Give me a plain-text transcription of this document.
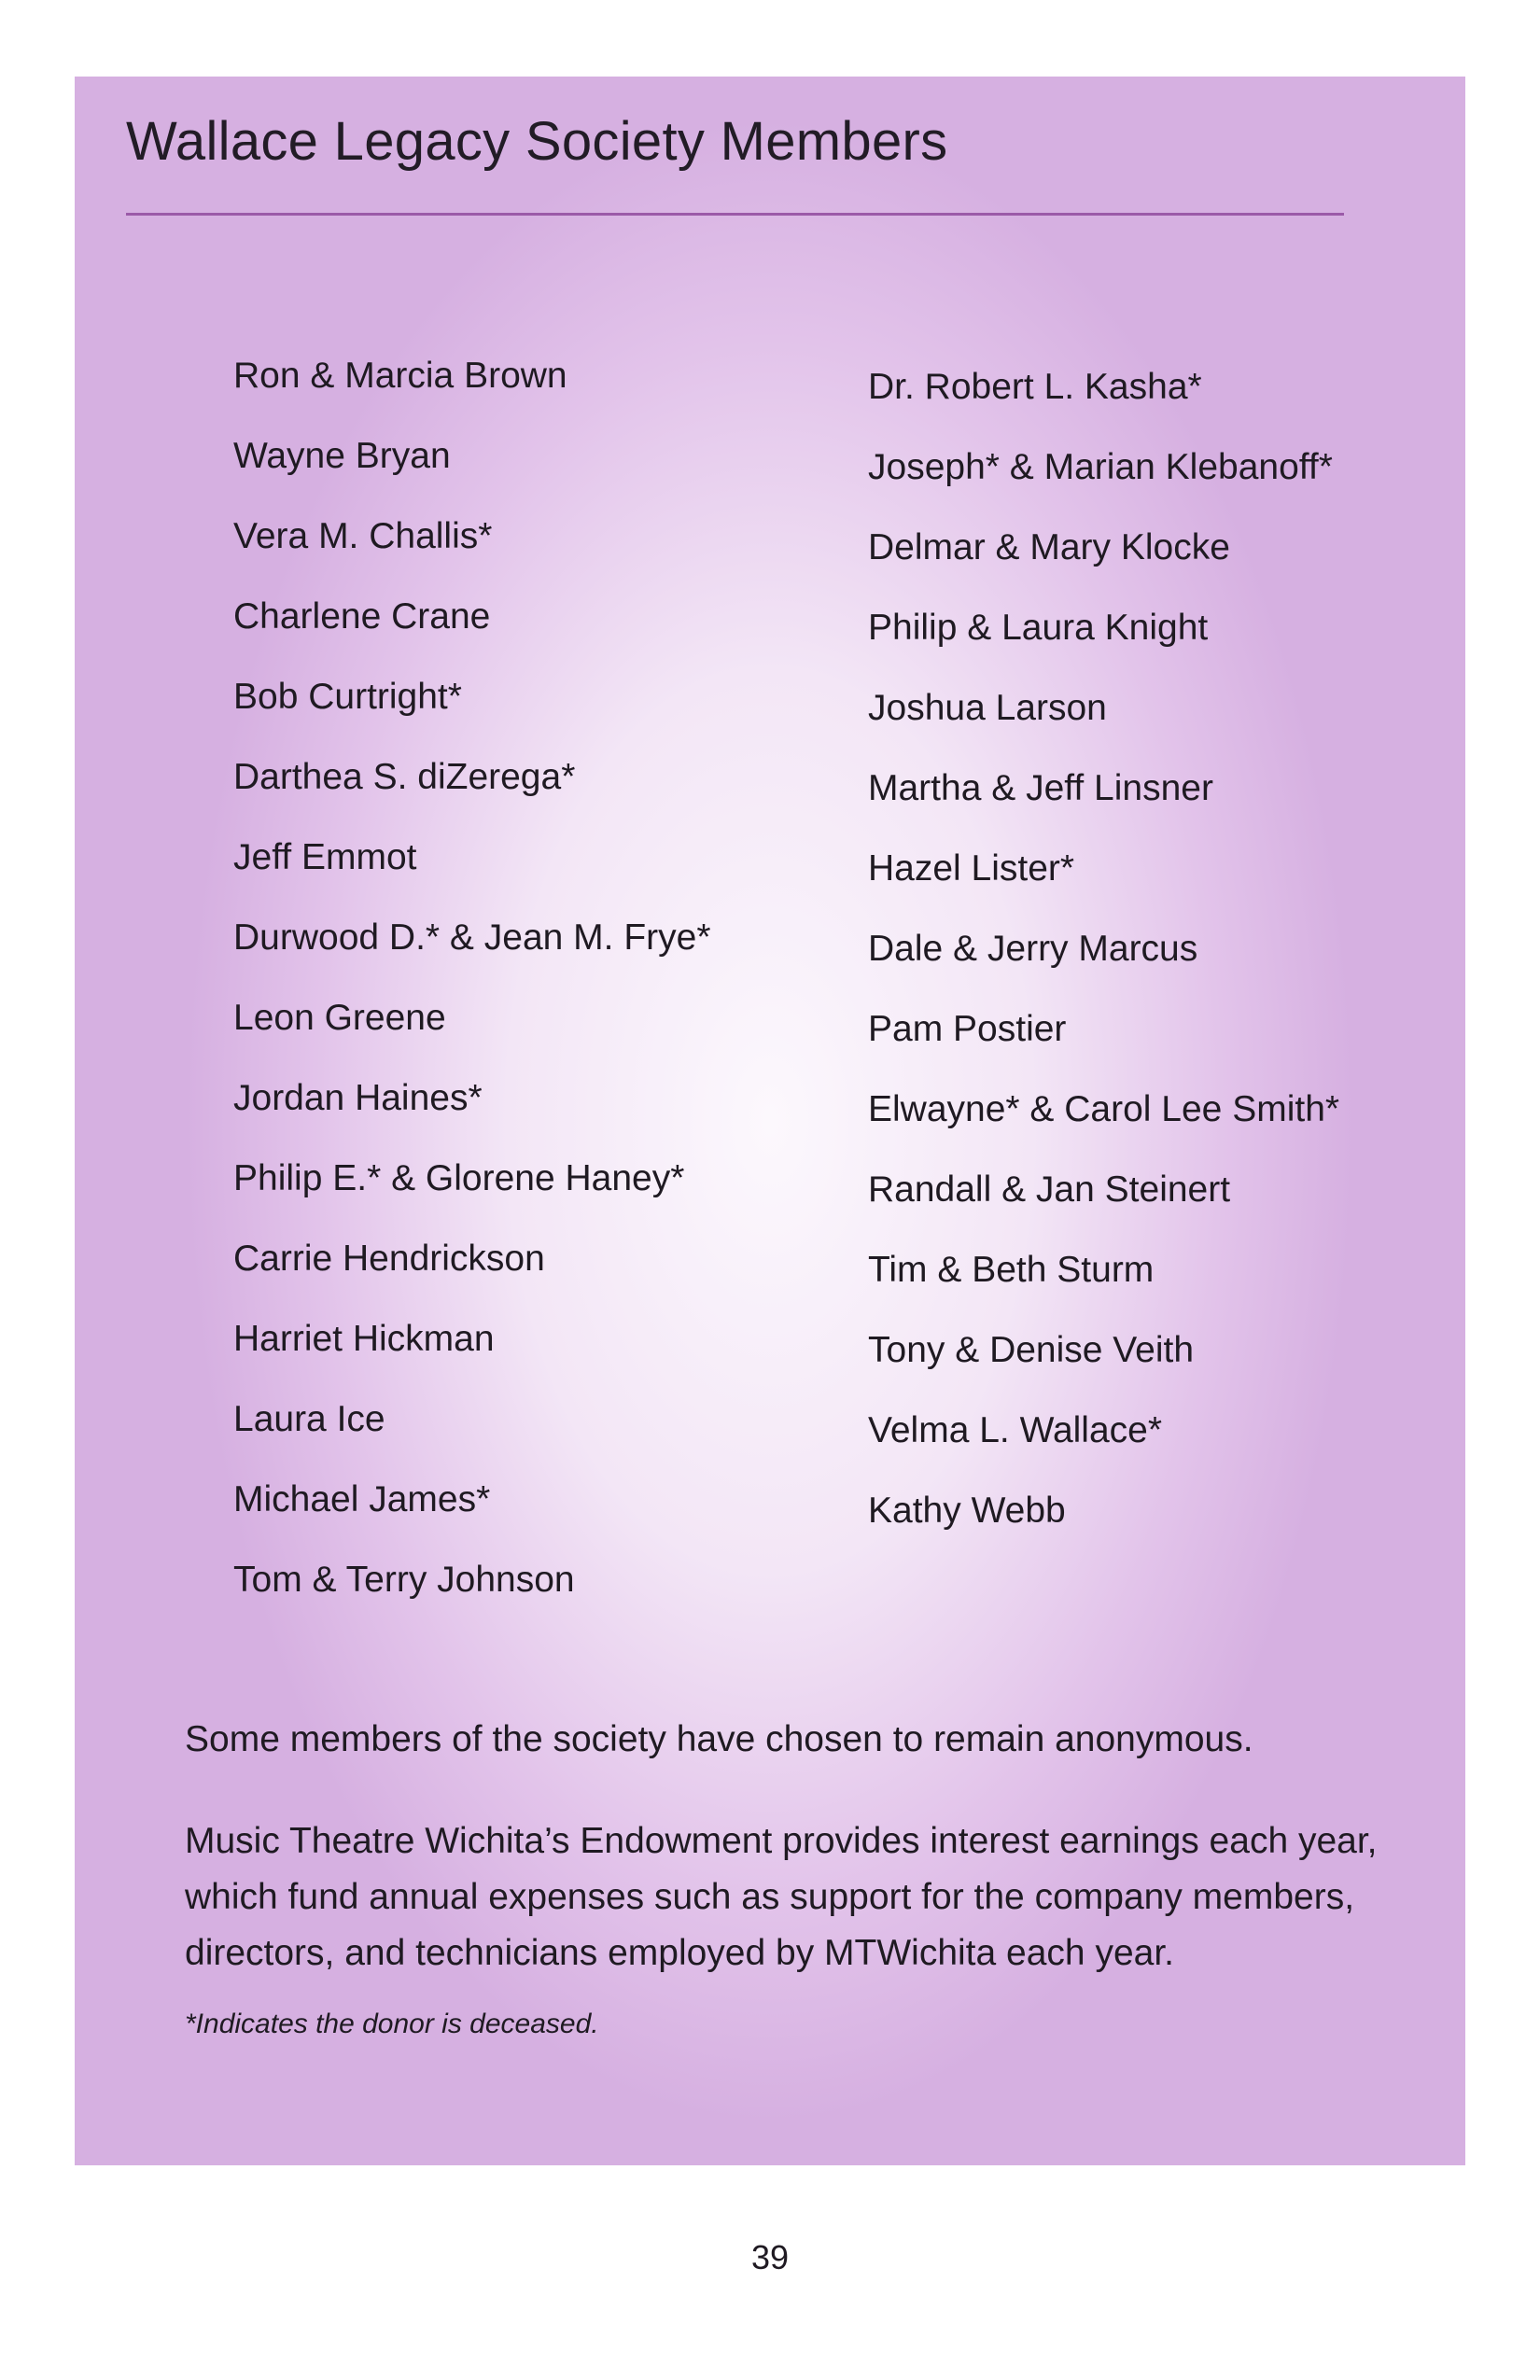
Wallace Legacy Society Members
Ron & Marcia Brown
Wayne Bryan
Vera M. Challis*
Charlene Crane
Bob Curtright*
Darthea S. diZerega*
Jeff Emmot
Durwood D.* & Jean M. Frye*
Leon Greene
Jordan Haines*
Philip E.* & Glorene Haney*
Carrie Hendrickson
Harriet Hickman
Laura Ice
Michael James*
Tom & Terry Johnson
Dr. Robert L. Kasha*
Joseph* & Marian Klebanoff*
Delmar & Mary Klocke
Philip & Laura Knight
Joshua Larson
Martha & Jeff Linsner
Hazel Lister*
Dale & Jerry Marcus
Pam Postier
Elwayne* & Carol Lee Smith*
Randall & Jan Steinert
Tim & Beth Sturm
Tony & Denise Veith
Velma L. Wallace*
Kathy Webb

Some members of the society have chosen to remain anonymous.

Music Theatre Wichita’s Endowment provides interest earnings each year, which fund annual expenses such as support for the company members, directors, and technicians employed by MTWichita each year.

*Indicates the donor is deceased.

39
